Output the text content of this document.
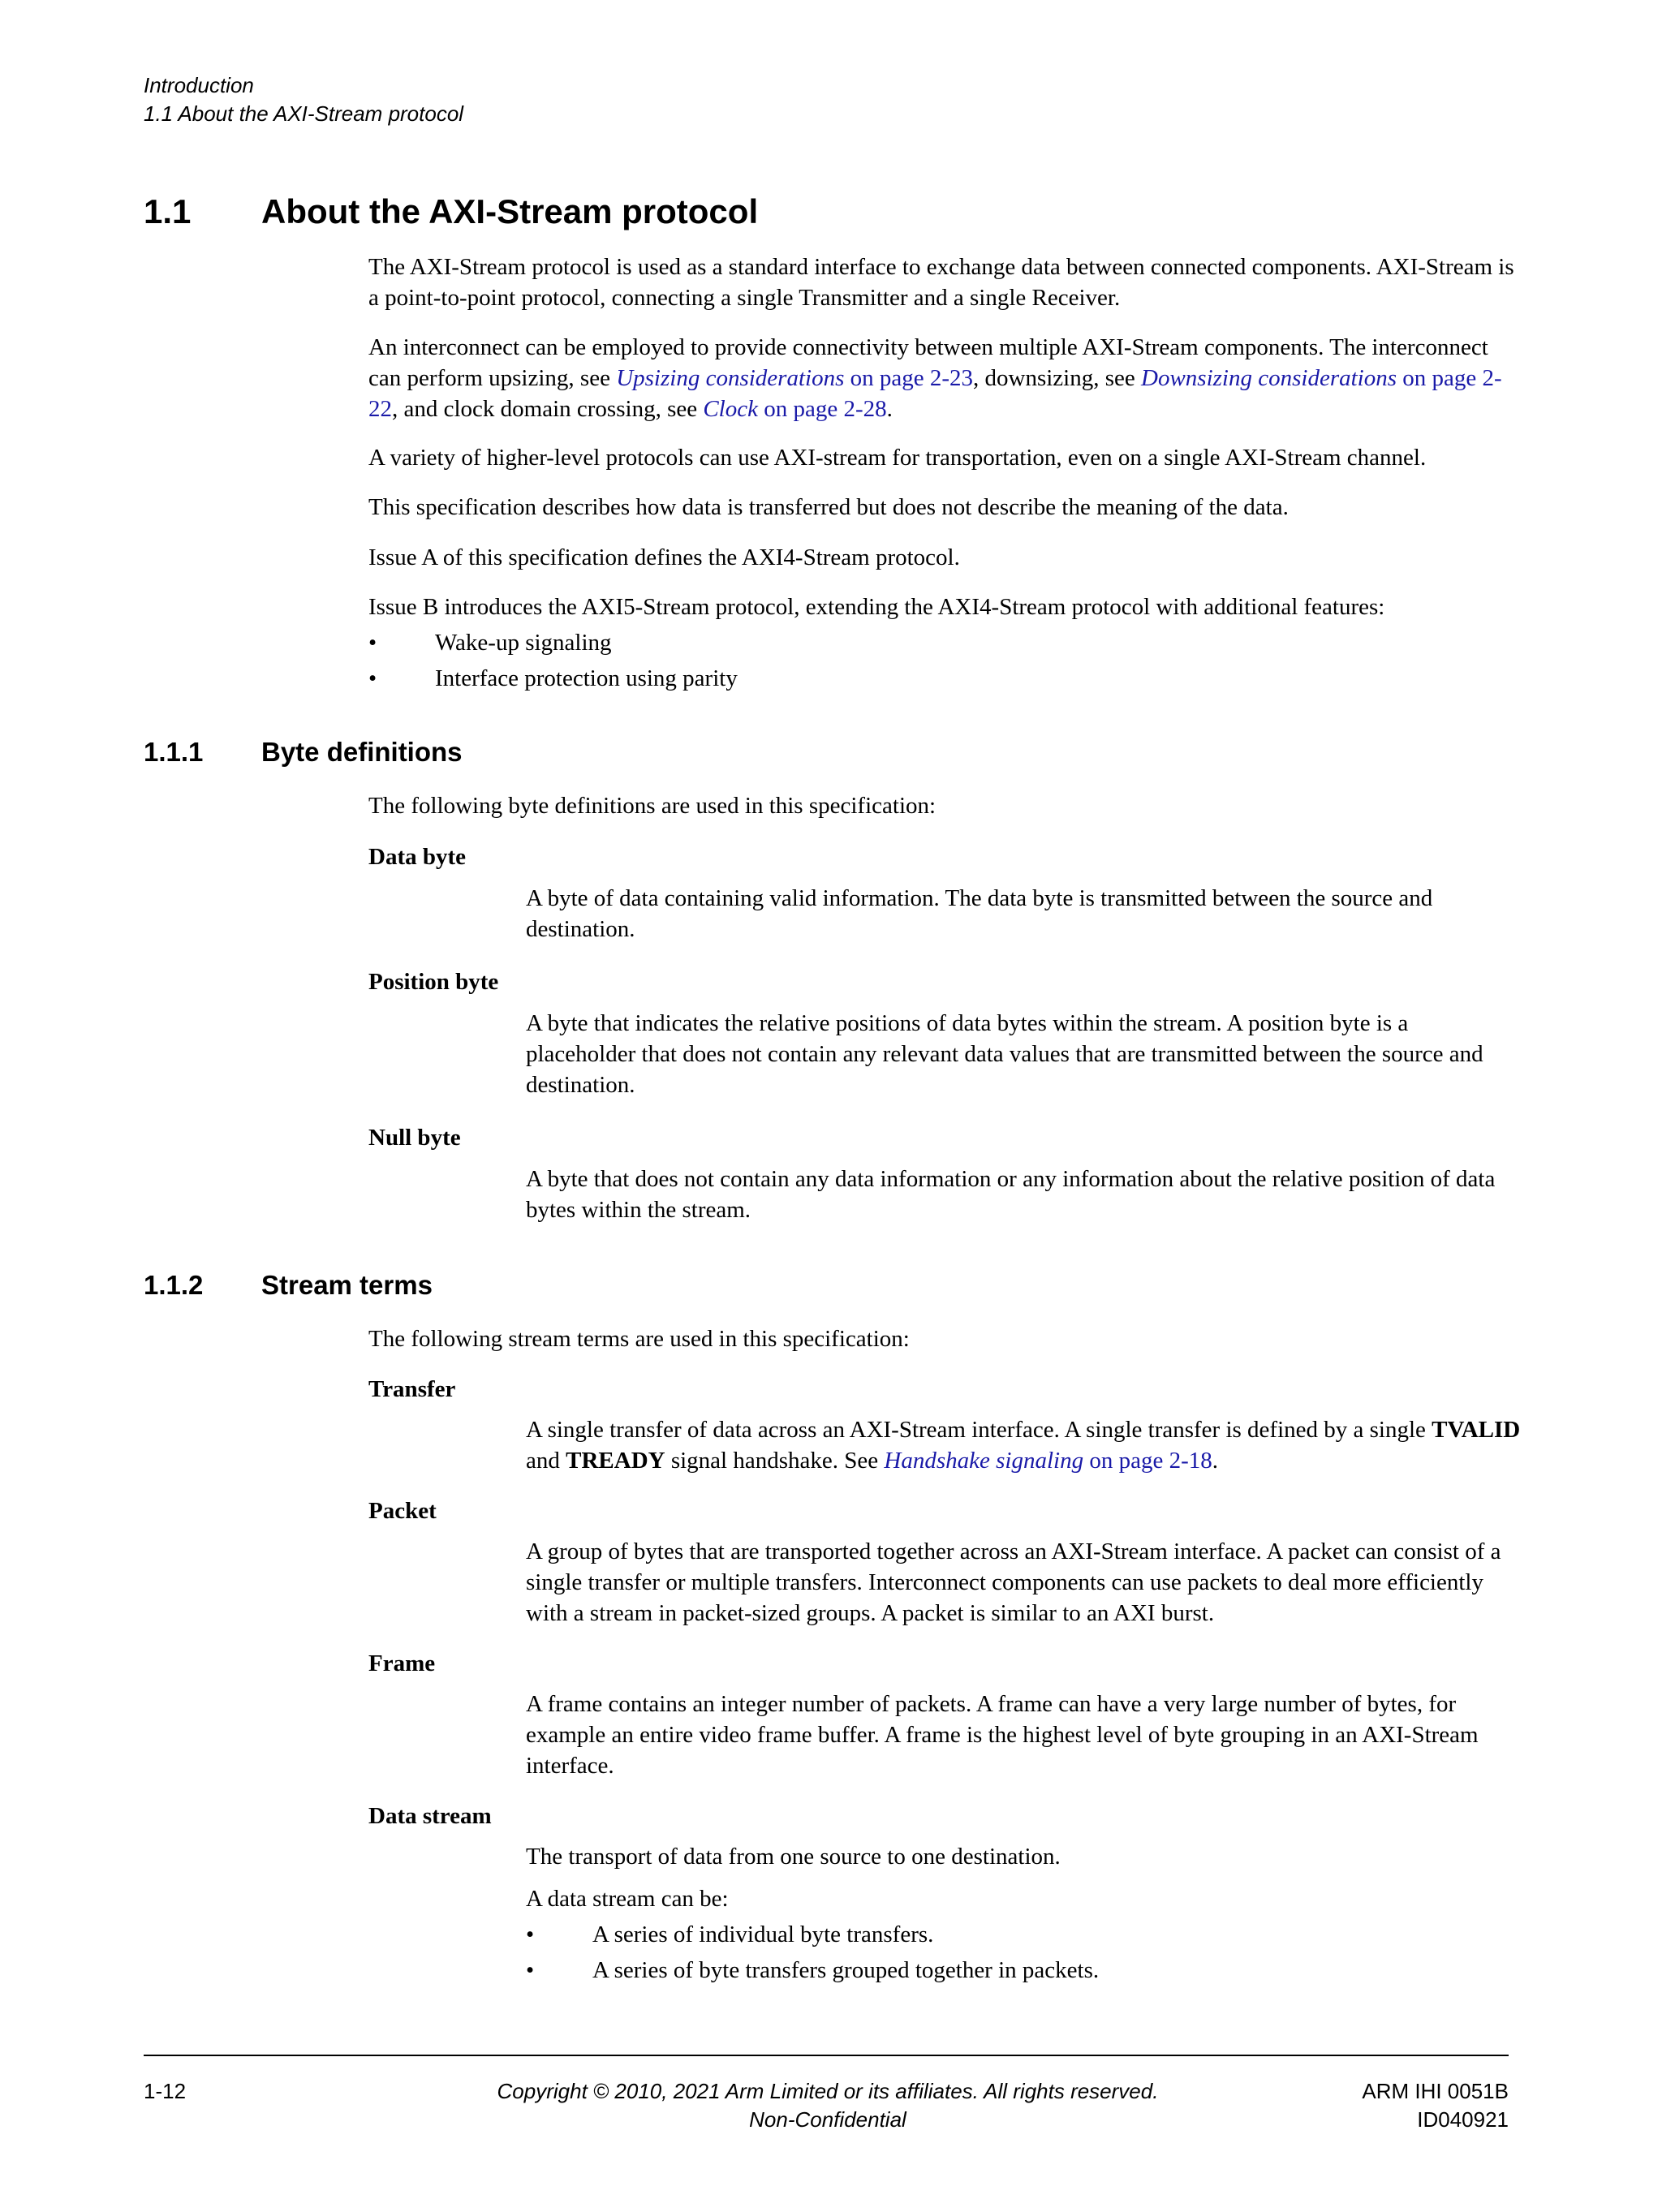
Introduction
1.1 About the AXI-Stream protocol
1.1 About the AXI-Stream protocol
The AXI-Stream protocol is used as a standard interface to exchange data between connected components. AXI-Stream is a point-to-point protocol, connecting a single Transmitter and a single Receiver.
An interconnect can be employed to provide connectivity between multiple AXI-Stream components. The interconnect can perform upsizing, see Upsizing considerations on page 2-23, downsizing, see Downsizing considerations on page 2-22, and clock domain crossing, see Clock on page 2-28.
A variety of higher-level protocols can use AXI-stream for transportation, even on a single AXI-Stream channel.
This specification describes how data is transferred but does not describe the meaning of the data.
Issue A of this specification defines the AXI4-Stream protocol.
Issue B introduces the AXI5-Stream protocol, extending the AXI4-Stream protocol with additional features:
• Wake-up signaling
• Interface protection using parity
1.1.1 Byte definitions
The following byte definitions are used in this specification:
Data byte
A byte of data containing valid information. The data byte is transmitted between the source and destination.
Position byte
A byte that indicates the relative positions of data bytes within the stream. A position byte is a placeholder that does not contain any relevant data values that are transmitted between the source and destination.
Null byte
A byte that does not contain any data information or any information about the relative position of data bytes within the stream.
1.1.2 Stream terms
The following stream terms are used in this specification:
Transfer
A single transfer of data across an AXI-Stream interface. A single transfer is defined by a single TVALID and TREADY signal handshake. See Handshake signaling on page 2-18.
Packet
A group of bytes that are transported together across an AXI-Stream interface. A packet can consist of a single transfer or multiple transfers. Interconnect components can use packets to deal more efficiently with a stream in packet-sized groups. A packet is similar to an AXI burst.
Frame
A frame contains an integer number of packets. A frame can have a very large number of bytes, for example an entire video frame buffer. A frame is the highest level of byte grouping in an AXI-Stream interface.
Data stream
The transport of data from one source to one destination.
A data stream can be:
• A series of individual byte transfers.
• A series of byte transfers grouped together in packets.
1-12	Copyright © 2010, 2021 Arm Limited or its affiliates. All rights reserved.
Non-Confidential
ARM IHI 0051B
ID040921
